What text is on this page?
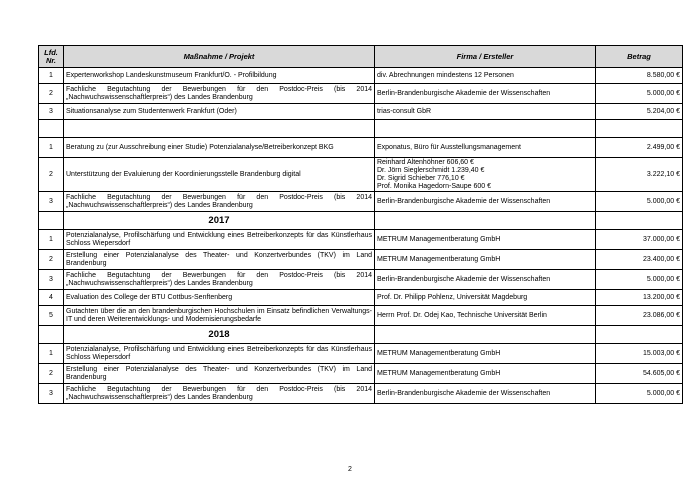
Lfd. Nr.	Maßnahme / Projekt	Firma / Ersteller	Betrag
1	Expertenworkshop Landeskunstmuseum Frankfurt/O. - Profilbildung	div. Abrechnungen mindestens 12 Personen	8.580,00 €
2	Fachliche Begutachtung der Bewerbungen für den Postdoc-Preis (bis 2014 „Nachwuchswissenschaftlerpreis“) des Landes Brandenburg	Berlin-Brandenburgische Akademie der Wissenschaften	5.000,00 €
3	Situationsanalyse zum Studentenwerk Frankfurt (Oder)	trias-consult GbR	5.204,00 €

1	Beratung zu (zur Ausschreibung einer Studie) Potenzialanalyse/Betreiberkonzept BKG	Exponatus, Büro für Ausstellungsmanagement	2.499,00 €
2	Unterstützung der Evaluierung der Koordinierungsstelle Brandenburg digital	Reinhard Altenhöhner 606,60 €
Dr. Jörn Sieglerschmidt 1.239,40 €
Dr. Sigrid Schieber 776,10 €
Prof. Monika Hagedorn-Saupe 600 €	3.222,10 €
3	Fachliche Begutachtung der Bewerbungen für den Postdoc-Preis (bis 2014 „Nachwuchswissenschaftlerpreis“) des Landes Brandenburg	Berlin-Brandenburgische Akademie der Wissenschaften	5.000,00 €
	2017		
1	Potenzialanalyse, Profilschärfung und Entwicklung eines Betreiberkonzepts für das Künstlerhaus Schloss Wiepersdorf	METRUM Managementberatung GmbH	37.000,00 €
2	Erstellung einer Potenzialanalyse des Theater- und Konzertverbundes (TKV) im Land Brandenburg	METRUM Managementberatung GmbH	23.400,00 €
3	Fachliche Begutachtung der Bewerbungen für den Postdoc-Preis (bis 2014 „Nachwuchswissenschaftlerpreis“) des Landes Brandenburg	Berlin-Brandenburgische Akademie der Wissenschaften	5.000,00 €
4	Evaluation des College der BTU Cottbus-Senftenberg	Prof. Dr. Philipp Pohlenz, Universität Magdeburg	13.200,00 €
5	Gutachten über die an den brandenburgischen Hochschulen im Einsatz befindlichen Verwaltungs-IT und deren Weiterentwicklungs- und Modernisierungsbedarfe	Herrn Prof. Dr. Odej Kao, Technische Universität Berlin	23.086,00 €
	2018		
1	Potenzialanalyse, Profilschärfung und Entwicklung eines Betreiberkonzepts für das Künstlerhaus Schloss Wiepersdorf	METRUM Managementberatung GmbH	15.003,00 €
2	Erstellung einer Potenzialanalyse des Theater- und Konzertverbundes (TKV) im Land Brandenburg	METRUM Managementberatung GmbH	54.605,00 €
3	Fachliche Begutachtung der Bewerbungen für den Postdoc-Preis (bis 2014 „Nachwuchswissenschaftlerpreis“) des Landes Brandenburg	Berlin-Brandenburgische Akademie der Wissenschaften	5.000,00 €
2
